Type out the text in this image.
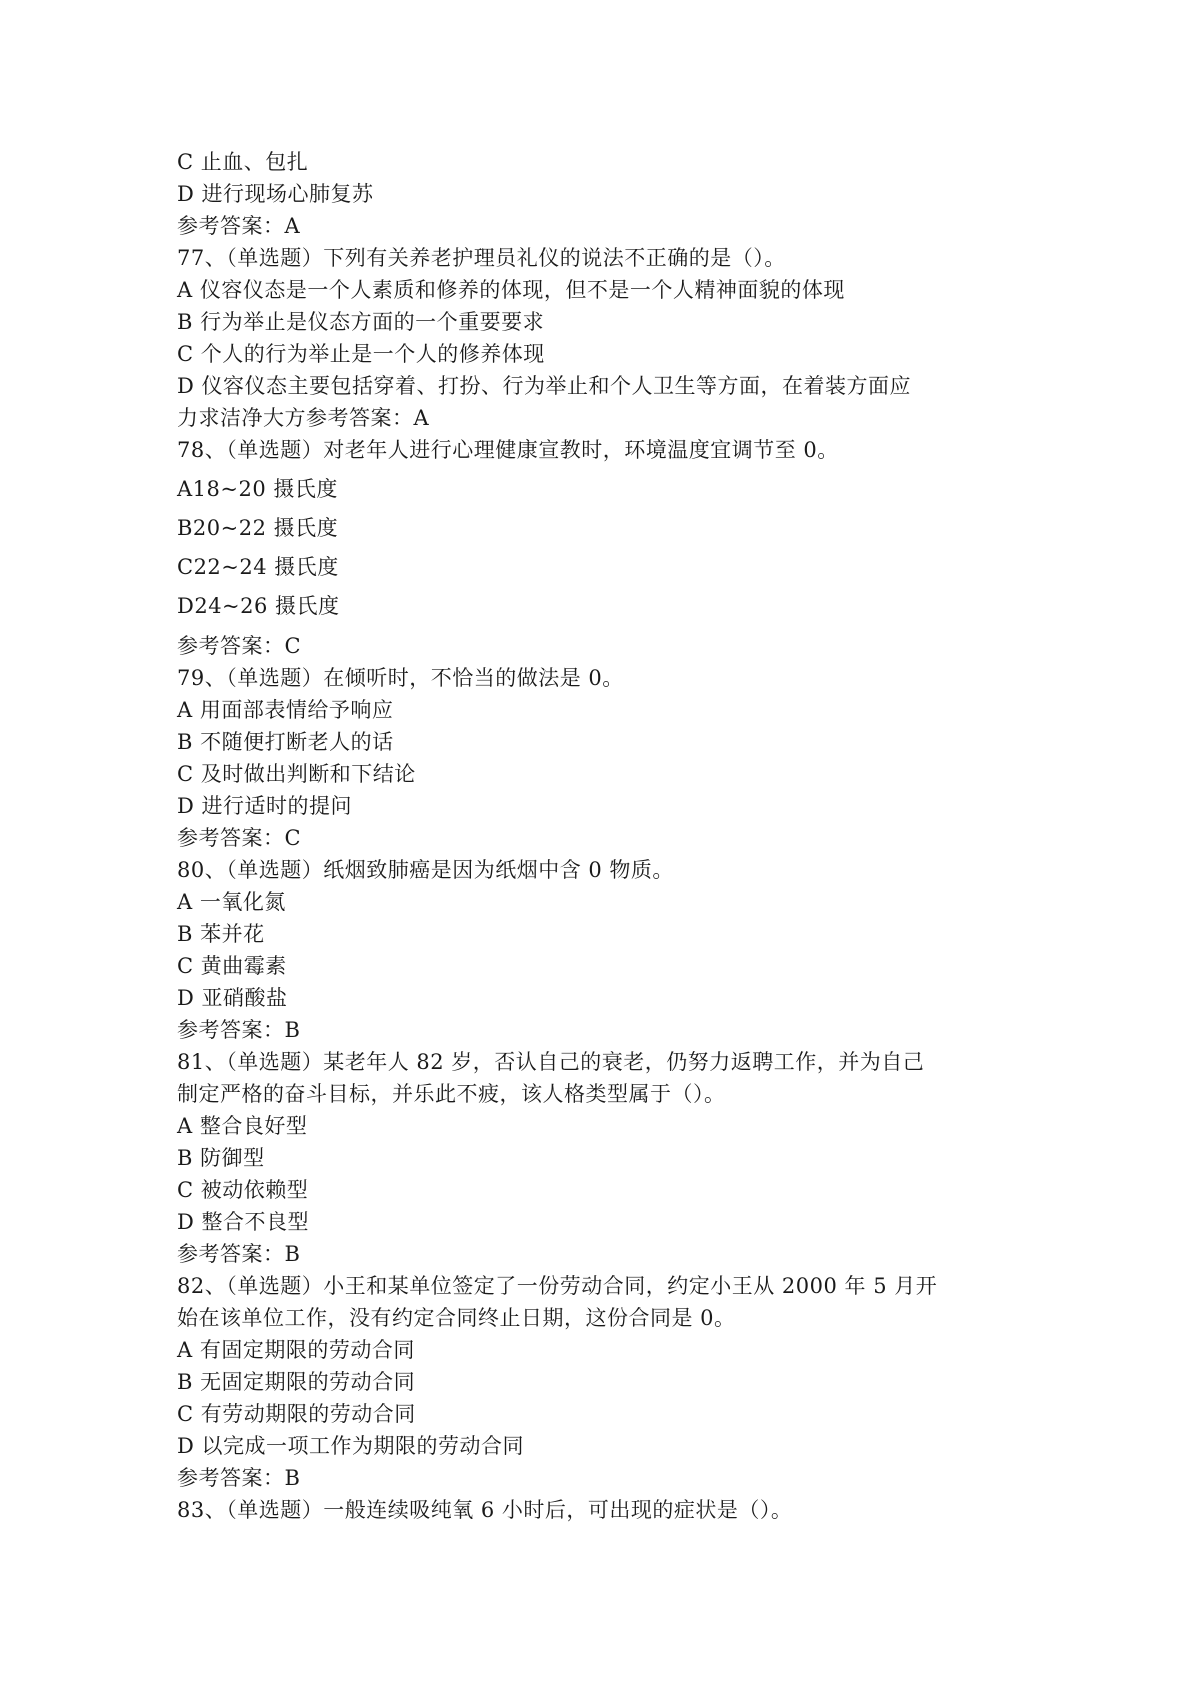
C 止血、包扎
D 进行现场心肺复苏
参考答案：A
77、（单选题）下列有关养老护理员礼仪的说法不正确的是（）。
A 仪容仪态是一个人素质和修养的体现，但不是一个人精神面貌的体现
B 行为举止是仪态方面的一个重要要求
C 个人的行为举止是一个人的修养体现
D 仪容仪态主要包括穿着、打扮、行为举止和个人卫生等方面，在着装方面应
力求洁净大方参考答案：A
78、（单选题）对老年人进行心理健康宣教时，环境温度宜调节至 0。
A18~20 摄氏度
B20~22 摄氏度
C22~24 摄氏度
D24~26 摄氏度
参考答案：C
79、（单选题）在倾听时，不恰当的做法是 0。
A 用面部表情给予响应
B 不随便打断老人的话
C 及时做出判断和下结论
D 进行适时的提问
参考答案：C
80、（单选题）纸烟致肺癌是因为纸烟中含 0 物质。
A 一氧化氮
B 苯并花
C 黄曲霉素
D 亚硝酸盐
参考答案：B
81、（单选题）某老年人 82 岁，否认自己的衰老，仍努力返聘工作，并为自己
制定严格的奋斗目标，并乐此不疲，该人格类型属于（）。
A 整合良好型
B 防御型
C 被动依赖型
D 整合不良型
参考答案：B
82、（单选题）小王和某单位签定了一份劳动合同，约定小王从 2000 年 5 月开
始在该单位工作，没有约定合同终止日期，这份合同是 0。
A 有固定期限的劳动合同
B 无固定期限的劳动合同
C 有劳动期限的劳动合同
D 以完成一项工作为期限的劳动合同
参考答案：B
83、（单选题）一般连续吸纯氧 6 小时后，可出现的症状是（）。
